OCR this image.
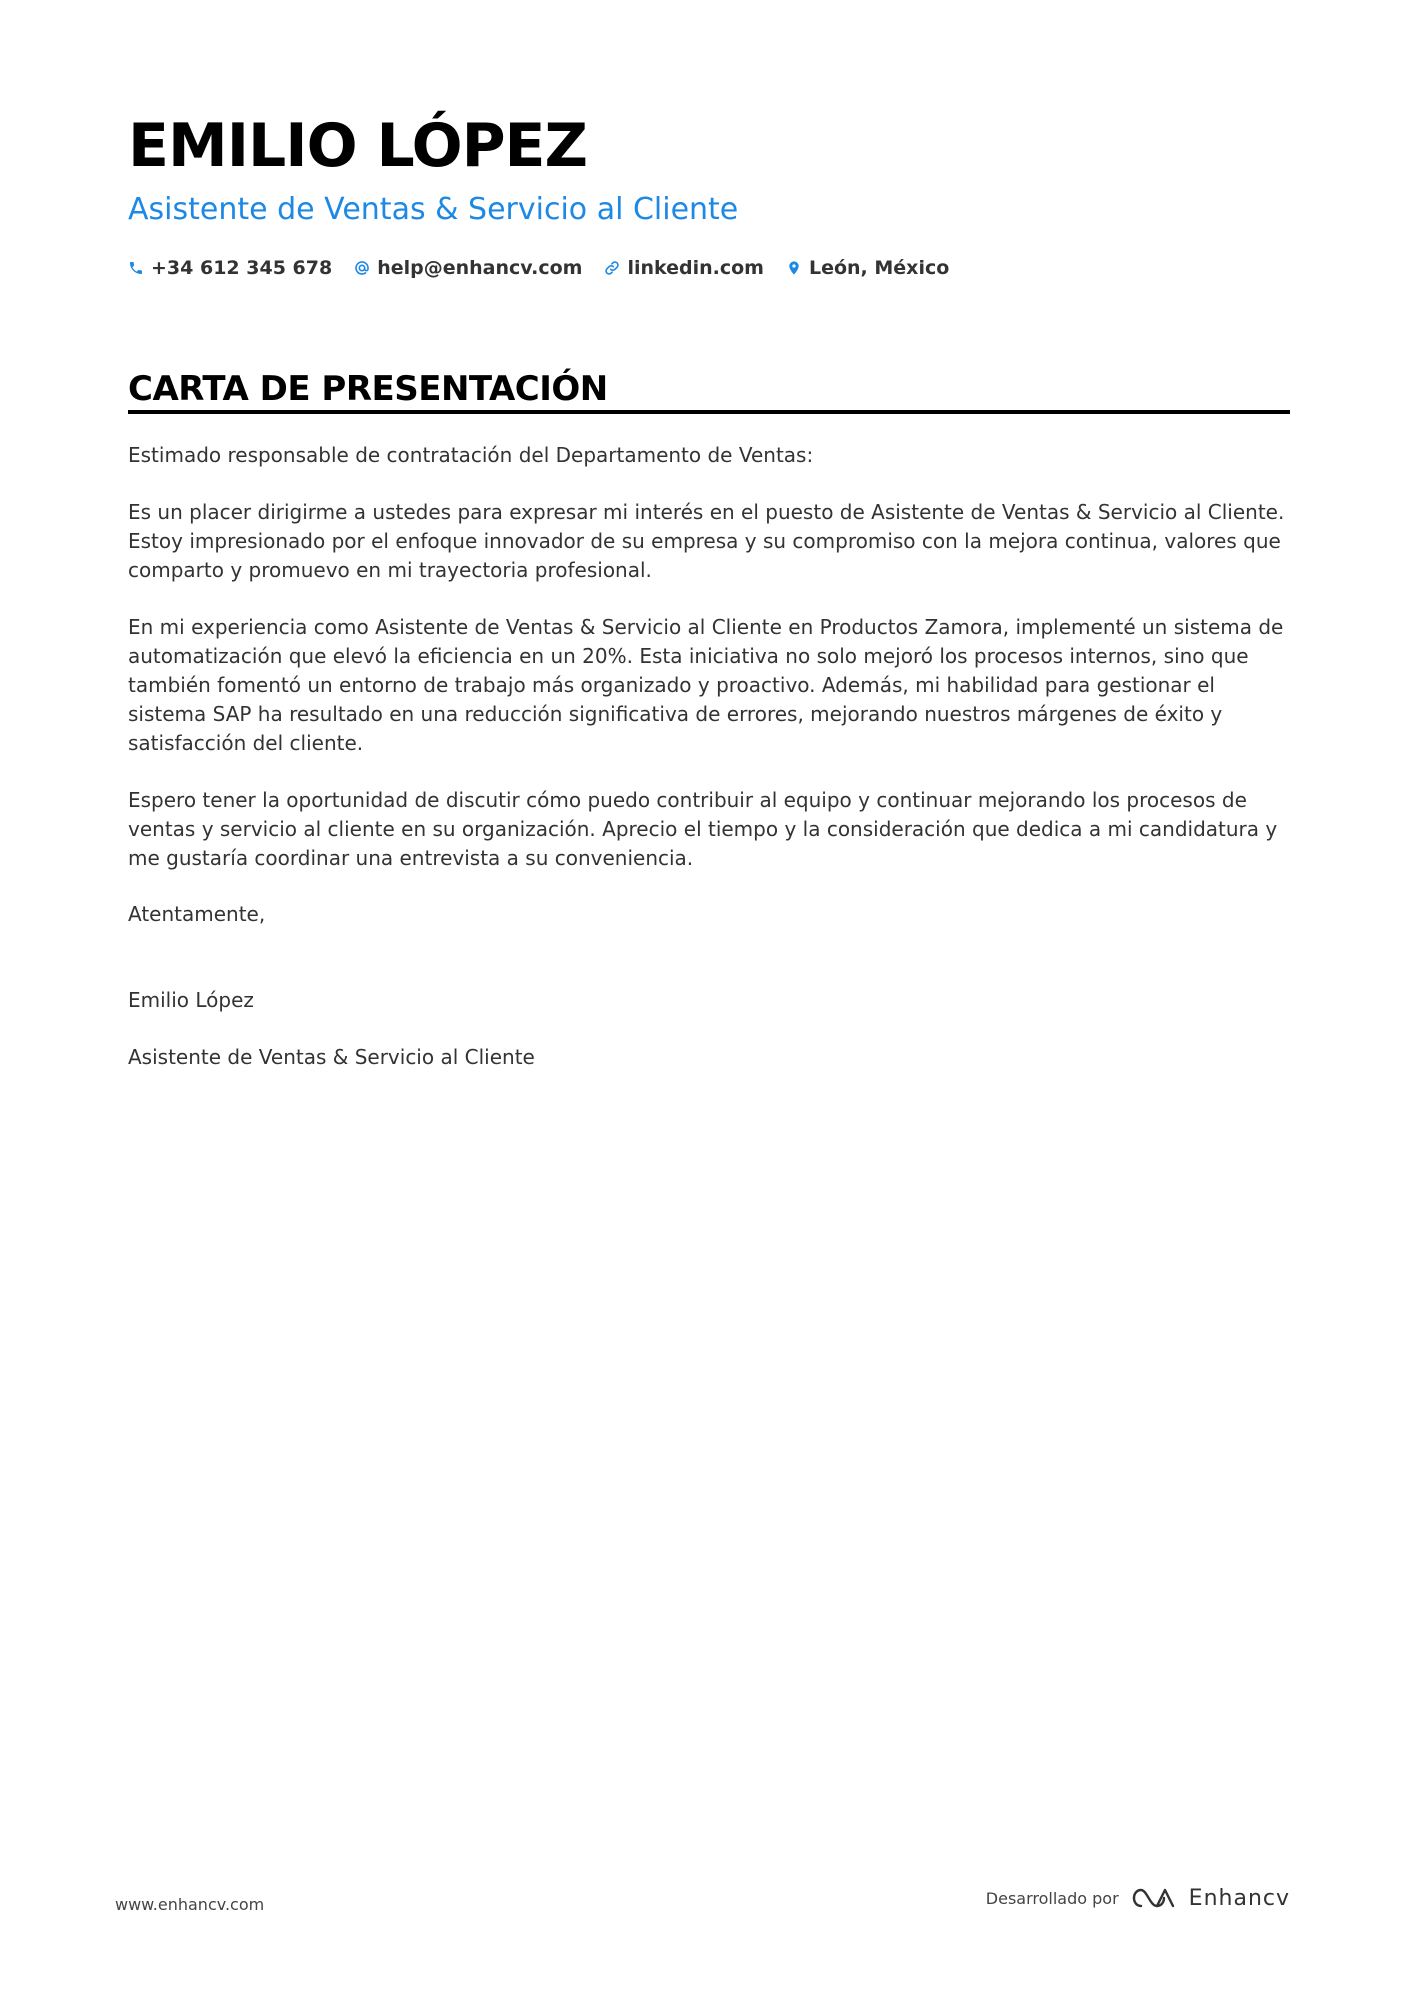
EMILIO LÓPEZ
Asistente de Ventas & Servicio al Cliente
+34 612 345 678 help@enhancv.com linkedin.com León, México
CARTA DE PRESENTACIÓN

Estimado responsable de contratación del Departamento de Ventas:

Es un placer dirigirme a ustedes para expresar mi interés en el puesto de Asistente de Ventas & Servicio al Cliente. Estoy impresionado por el enfoque innovador de su empresa y su compromiso con la mejora continua, valores que comparto y promuevo en mi trayectoria profesional.

En mi experiencia como Asistente de Ventas & Servicio al Cliente en Productos Zamora, implementé un sistema de automatización que elevó la eficiencia en un 20%. Esta iniciativa no solo mejoró los procesos internos, sino que también fomentó un entorno de trabajo más organizado y proactivo. Además, mi habilidad para gestionar el sistema SAP ha resultado en una reducción significativa de errores, mejorando nuestros márgenes de éxito y satisfacción del cliente.

Espero tener la oportunidad de discutir cómo puedo contribuir al equipo y continuar mejorando los procesos de ventas y servicio al cliente en su organización. Aprecio el tiempo y la consideración que dedica a mi candidatura y me gustaría coordinar una entrevista a su conveniencia.

Atentamente,

Emilio López

Asistente de Ventas & Servicio al Cliente

www.enhancv.com	Desarrollado por	Enhancv
